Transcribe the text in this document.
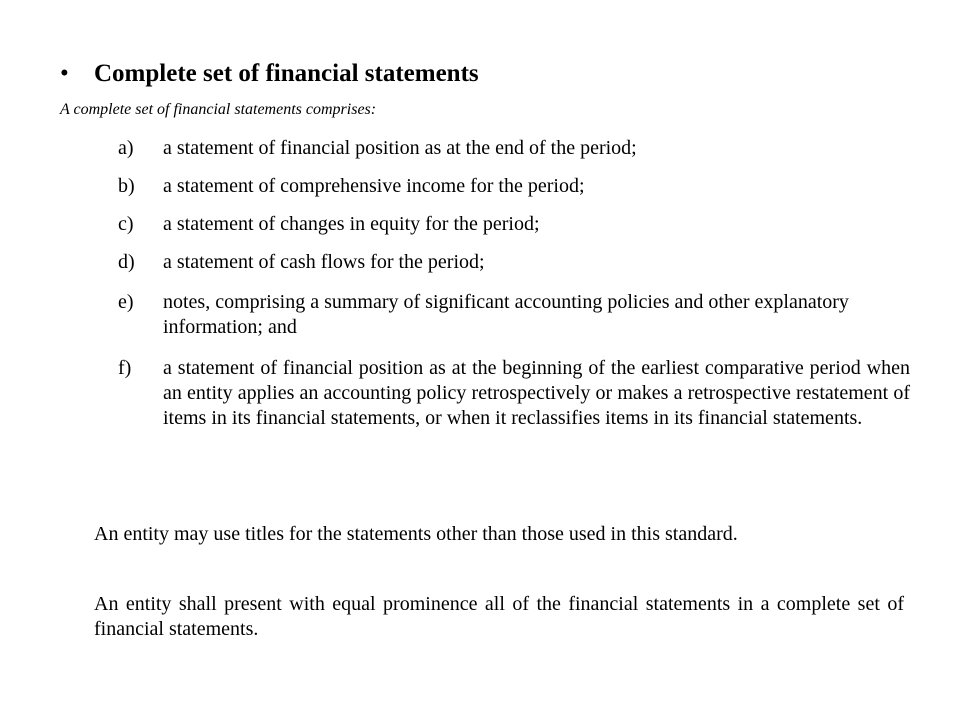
• Complete set of financial statements
A complete set of financial statements comprises:
a) a statement of financial position as at the end of the period;
b) a statement of comprehensive income for the period;
c) a statement of changes in equity for the period;
d) a statement of cash flows for the period;
e) notes, comprising a summary of significant accounting policies and other explanatory information; and
f) a statement of financial position as at the beginning of the earliest comparative period when an entity applies an accounting policy retrospectively or makes a retrospective restatement of items in its financial statements, or when it reclassifies items in its financial statements.
An entity may use titles for the statements other than those used in this standard.
An entity shall present with equal prominence all of the financial statements in a complete set of financial statements.
